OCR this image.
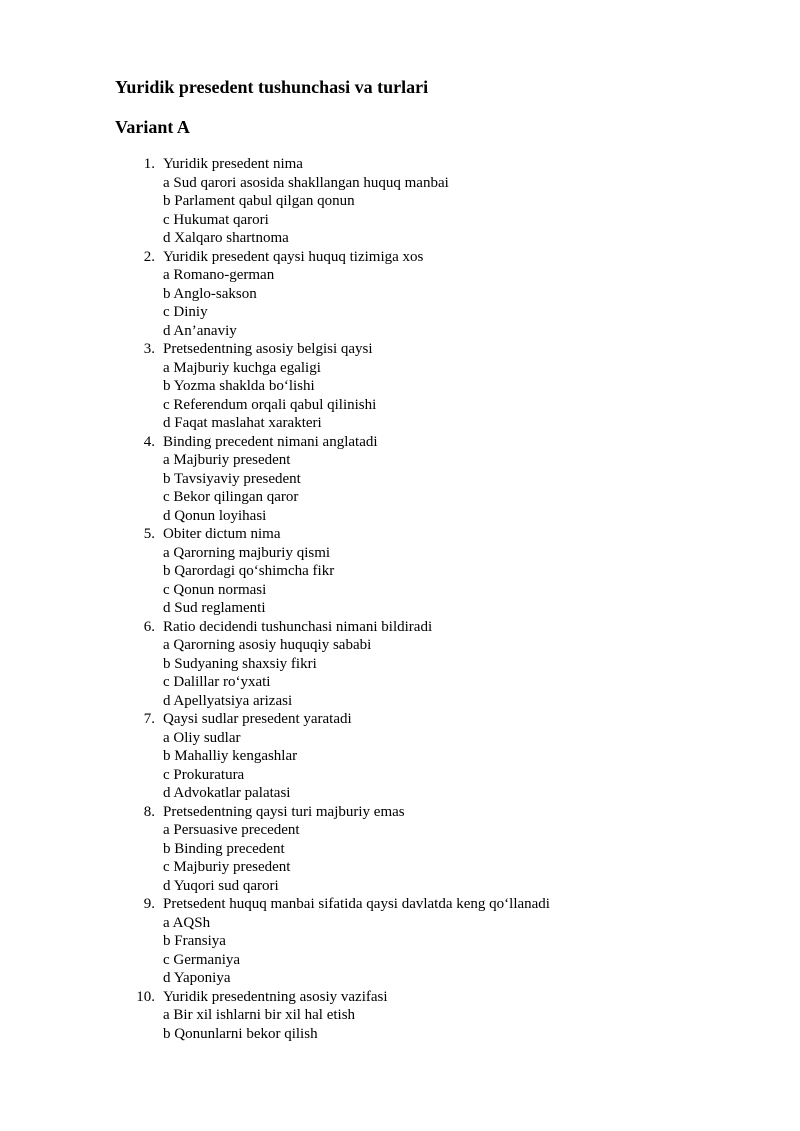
Yuridik presedent tushunchasi va turlari
Variant A
1. Yuridik presedent nima
a Sud qarori asosida shakllangan huquq manbai
b Parlament qabul qilgan qonun
c Hukumat qarori
d Xalqaro shartnoma
2. Yuridik presedent qaysi huquq tizimiga xos
a Romano-german
b Anglo-sakson
c Diniy
d An’anaviy
3. Pretsedentning asosiy belgisi qaysi
a Majburiy kuchga egaligi
b Yozma shaklda bo‘lishi
c Referendum orqali qabul qilinishi
d Faqat maslahat xarakteri
4. Binding precedent nimani anglatadi
a Majburiy presedent
b Tavsiyaviy presedent
c Bekor qilingan qaror
d Qonun loyihasi
5. Obiter dictum nima
a Qarorning majburiy qismi
b Qarordagi qo‘shimcha fikr
c Qonun normasi
d Sud reglamenti
6. Ratio decidendi tushunchasi nimani bildiradi
a Qarorning asosiy huquqiy sababi
b Sudyaning shaxsiy fikri
c Dalillar ro‘yxati
d Apellyatsiya arizasi
7. Qaysi sudlar presedent yaratadi
a Oliy sudlar
b Mahalliy kengashlar
c Prokuratura
d Advokatlar palatasi
8. Pretsedentning qaysi turi majburiy emas
a Persuasive precedent
b Binding precedent
c Majburiy presedent
d Yuqori sud qarori
9. Pretsedent huquq manbai sifatida qaysi davlatda keng qo‘llanadi
a AQSh
b Fransiya
c Germaniya
d Yaponiya
10. Yuridik presedentning asosiy vazifasi
a Bir xil ishlarni bir xil hal etish
b Qonunlarni bekor qilish
